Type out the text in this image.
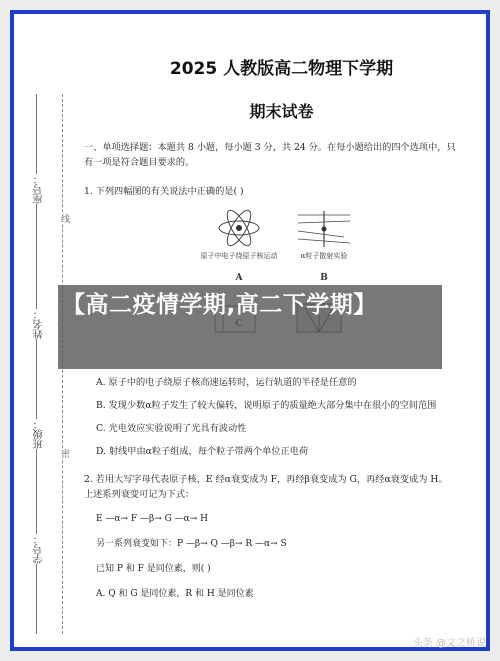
座号：
姓名：
班级：
学号：
线
密
2025 人教版高二物理下学期
期末试卷

一、单项选择题：本题共 8 小题，每小题 3 分，共 24 分。在每小题给出的四个选项中，只

有一项是符合题目要求的。

1. 下列四幅图的有关说法中正确的是( )

原子中电子绕原子核运动
A
α粒子散射实验
B
A. 原子中的电子绕原子核高速运转时，运行轨道的半径是任意的
B. 发现少数α粒子发生了较大偏转，说明原子的质量绝大部分集中在很小的空间范围
C. 光电效应实验说明了光具有波动性
D. 射线甲由α粒子组成，每个粒子带两个单位正电荷

2. 若用大写字母代表原子核，E 经α衰变成为 F，再经β衰变成为 G，再经α衰变成为 H。

上述系列衰变可记为下式：

E —α→ F —β→ G —α→ H
另一系列衰变如下：P —β→ Q —β→ R —α→ S
已知 P 和 F 是同位素，则( )
A. Q 和 G 是同位素，R 和 H 是同位素
【高二疫情学期,高二下学期】
头条 @文之桥说
